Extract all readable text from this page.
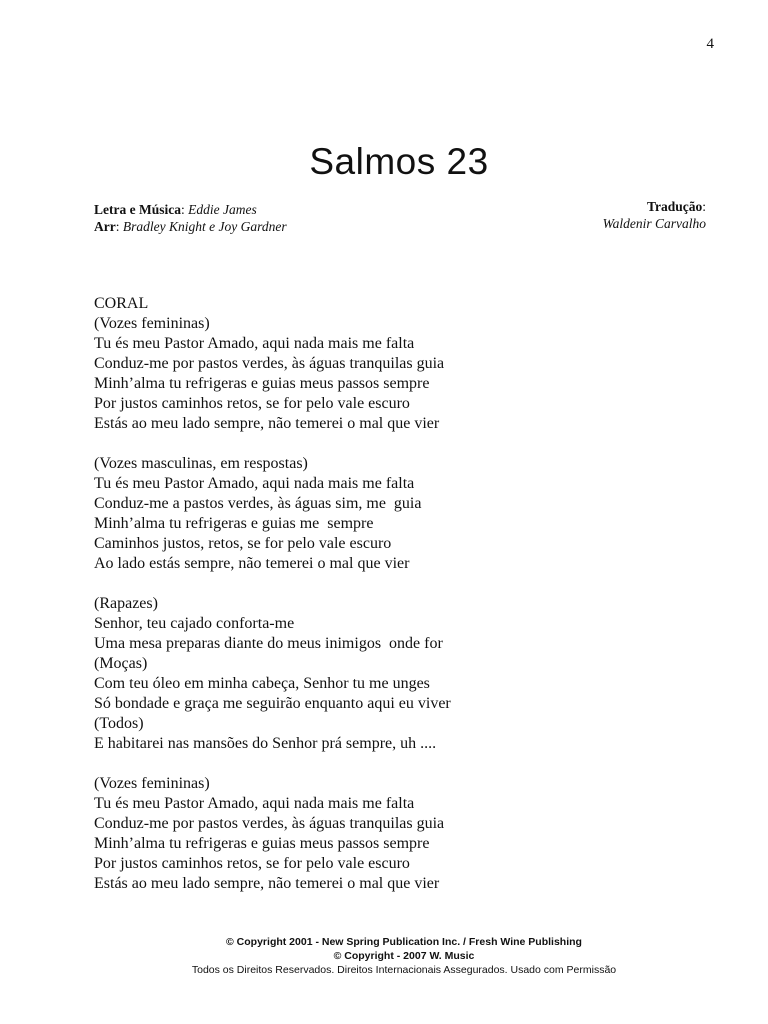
4
Salmos 23
Letra e Música: Eddie James
Arr: Bradley Knight e Joy Gardner
Tradução:
Waldenir Carvalho
CORAL
(Vozes femininas)
Tu és meu Pastor Amado, aqui nada mais me falta
Conduz-me por pastos verdes, às águas tranquilas guia
Minh’alma tu refrigeras e guias meus passos sempre
Por justos caminhos retos, se for pelo vale escuro
Estás ao meu lado sempre, não temerei o mal que vier
(Vozes masculinas, em respostas)
Tu és meu Pastor Amado, aqui nada mais me falta
Conduz-me a pastos verdes, às águas sim, me  guia
Minh’alma tu refrigeras e guias me  sempre
Caminhos justos, retos, se for pelo vale escuro
Ao lado estás sempre, não temerei o mal que vier
(Rapazes)
Senhor, teu cajado conforta-me
Uma mesa preparas diante do meus inimigos  onde for
(Moças)
Com teu óleo em minha cabeça, Senhor tu me unges
Só bondade e graça me seguirão enquanto aqui eu viver
(Todos)
E habitarei nas mansões do Senhor prá sempre, uh ....
(Vozes femininas)
Tu és meu Pastor Amado, aqui nada mais me falta
Conduz-me por pastos verdes, às águas tranquilas guia
Minh’alma tu refrigeras e guias meus passos sempre
Por justos caminhos retos, se for pelo vale escuro
Estás ao meu lado sempre, não temerei o mal que vier
© Copyright 2001 - New Spring Publication Inc. / Fresh Wine Publishing
© Copyright - 2007 W. Music
Todos os Direitos Reservados. Direitos Internacionais Assegurados. Usado com Permissão
